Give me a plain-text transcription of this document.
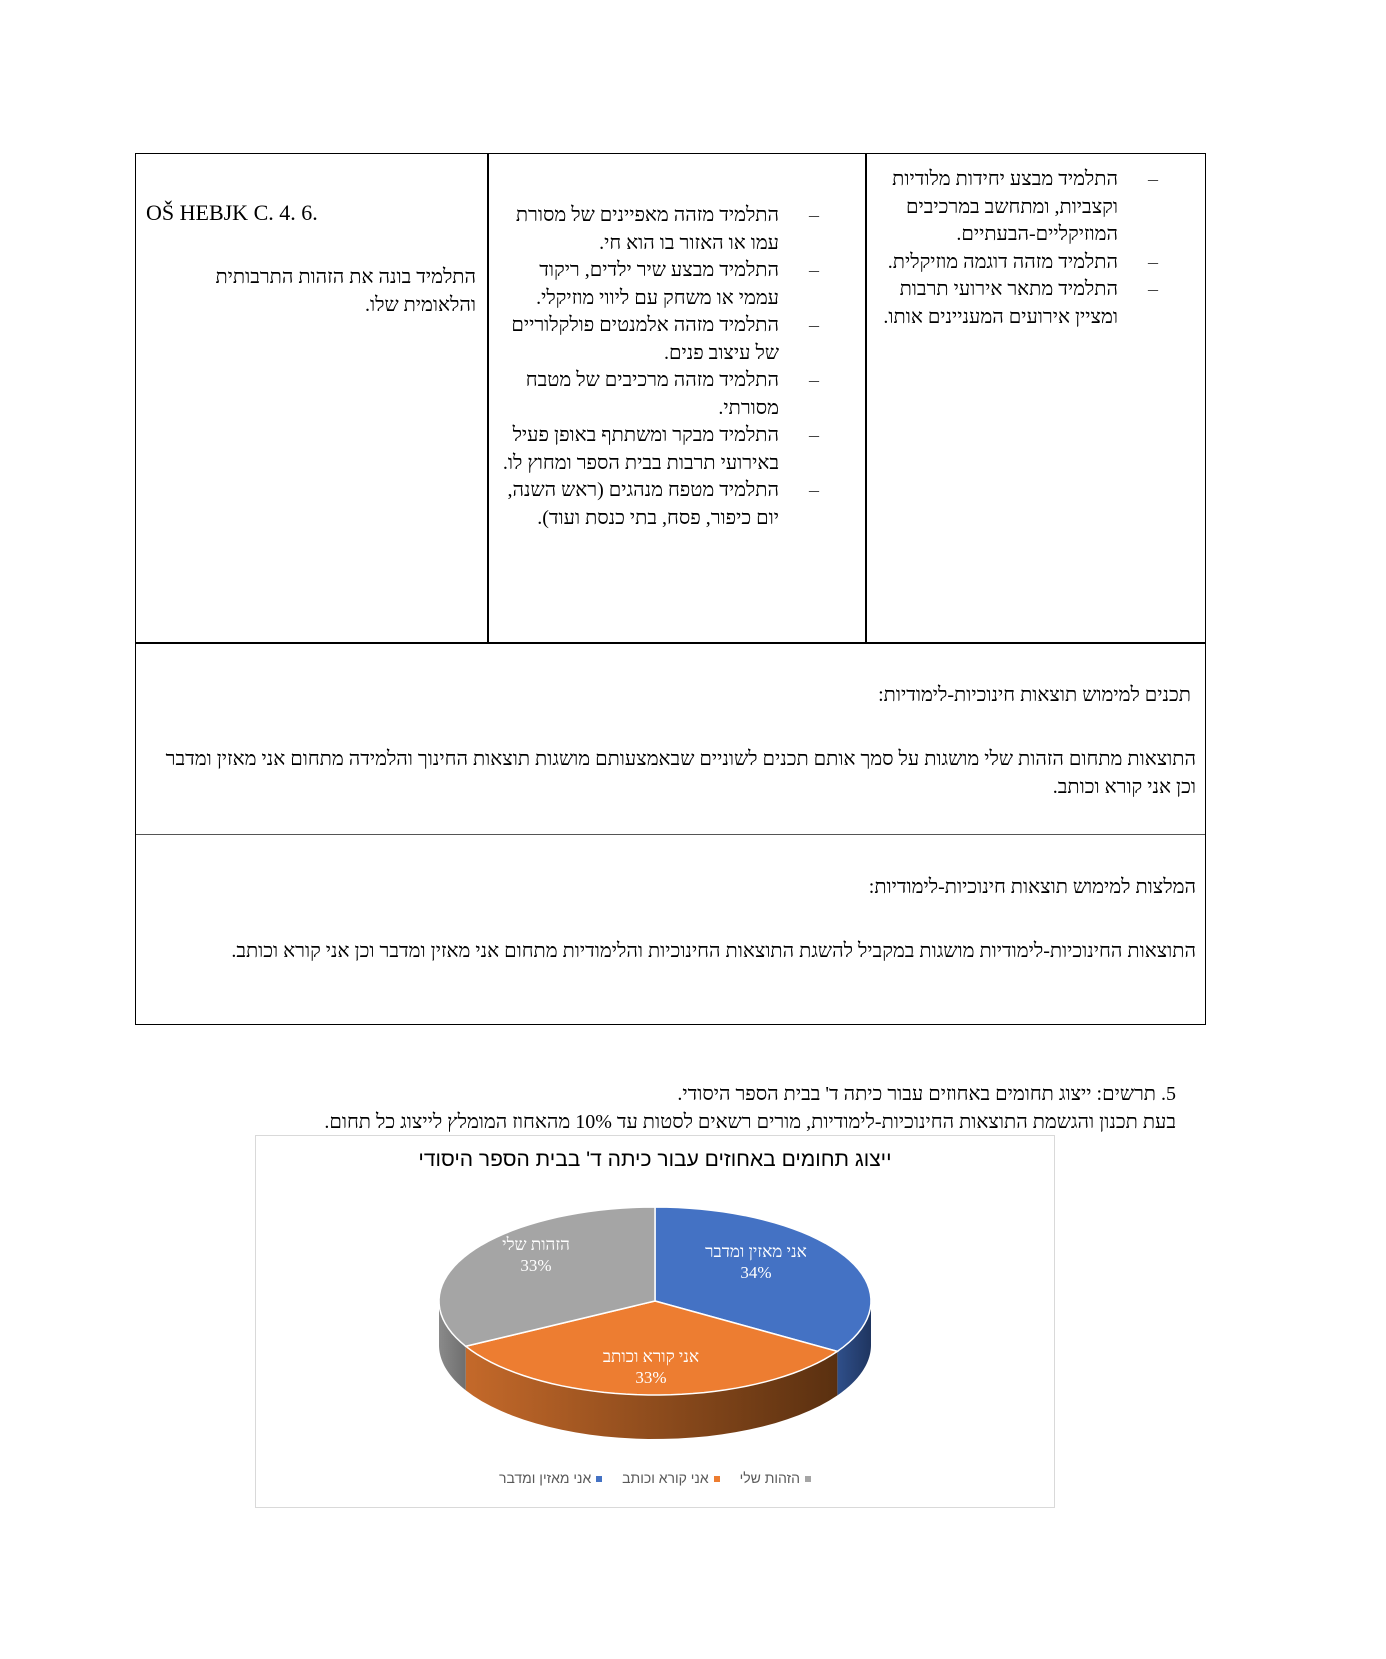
–
התלמיד מבצע יחידות מלודיות וקצביות, ומתחשב במרכיבים המוזיקליים-הבעתיים.
–
התלמיד מזהה דוגמה מוזיקלית.
–
התלמיד מתאר אירועי תרבות ומציין אירועים המעניינים אותו.
–
התלמיד מזהה מאפיינים של מסורת עמו או האזור בו הוא חי.
–
התלמיד מבצע שיר ילדים, ריקוד עממי או משחק עם ליווי מוזיקלי.
–
התלמיד מזהה אלמנטים פולקלוריים של עיצוב פנים.
–
התלמיד מזהה מרכיבים של מטבח מסורתי.
–
התלמיד מבקר ומשתתף באופן פעיל באירועי תרבות בבית הספר ומחוץ לו.
–
התלמיד מטפח מנהגים (ראש השנה, יום כיפור, פסח, בתי כנסת ועוד).
OŠ HEBJK C. 4. 6.
התלמיד בונה את הזהות התרבותית והלאומית שלו.
תכנים למימוש תוצאות חינוכיות-לימודיות:
התוצאות מתחום הזהות שלי מושגות על סמך אותם תכנים לשוניים שבאמצעותם מושגות תוצאות החינוך והלמידה מתחום אני מאזין ומדבר וכן אני קורא וכותב.
המלצות למימוש תוצאות חינוכיות-לימודיות:
התוצאות החינוכיות-לימודיות מושגות במקביל להשגת התוצאות החינוכיות והלימודיות מתחום אני מאזין ומדבר וכן אני קורא וכותב.
5. תרשים: ייצוג תחומים באחוזים עבור כיתה ד' בבית הספר היסודי.
בעת תכנון והגשמת התוצאות החינוכיות-לימודיות, מורים רשאים לסטות עד 10% מהאחוז המומלץ לייצוג כל תחום.
ייצוג תחומים באחוזים עבור כיתה ד' בבית הספר היסודי
אני מאזין ומדבר
34%
אני קורא וכותב
33%
הזהות שלי
33%
הזהות שלי אני קורא וכותב אני מאזין ומדבר
